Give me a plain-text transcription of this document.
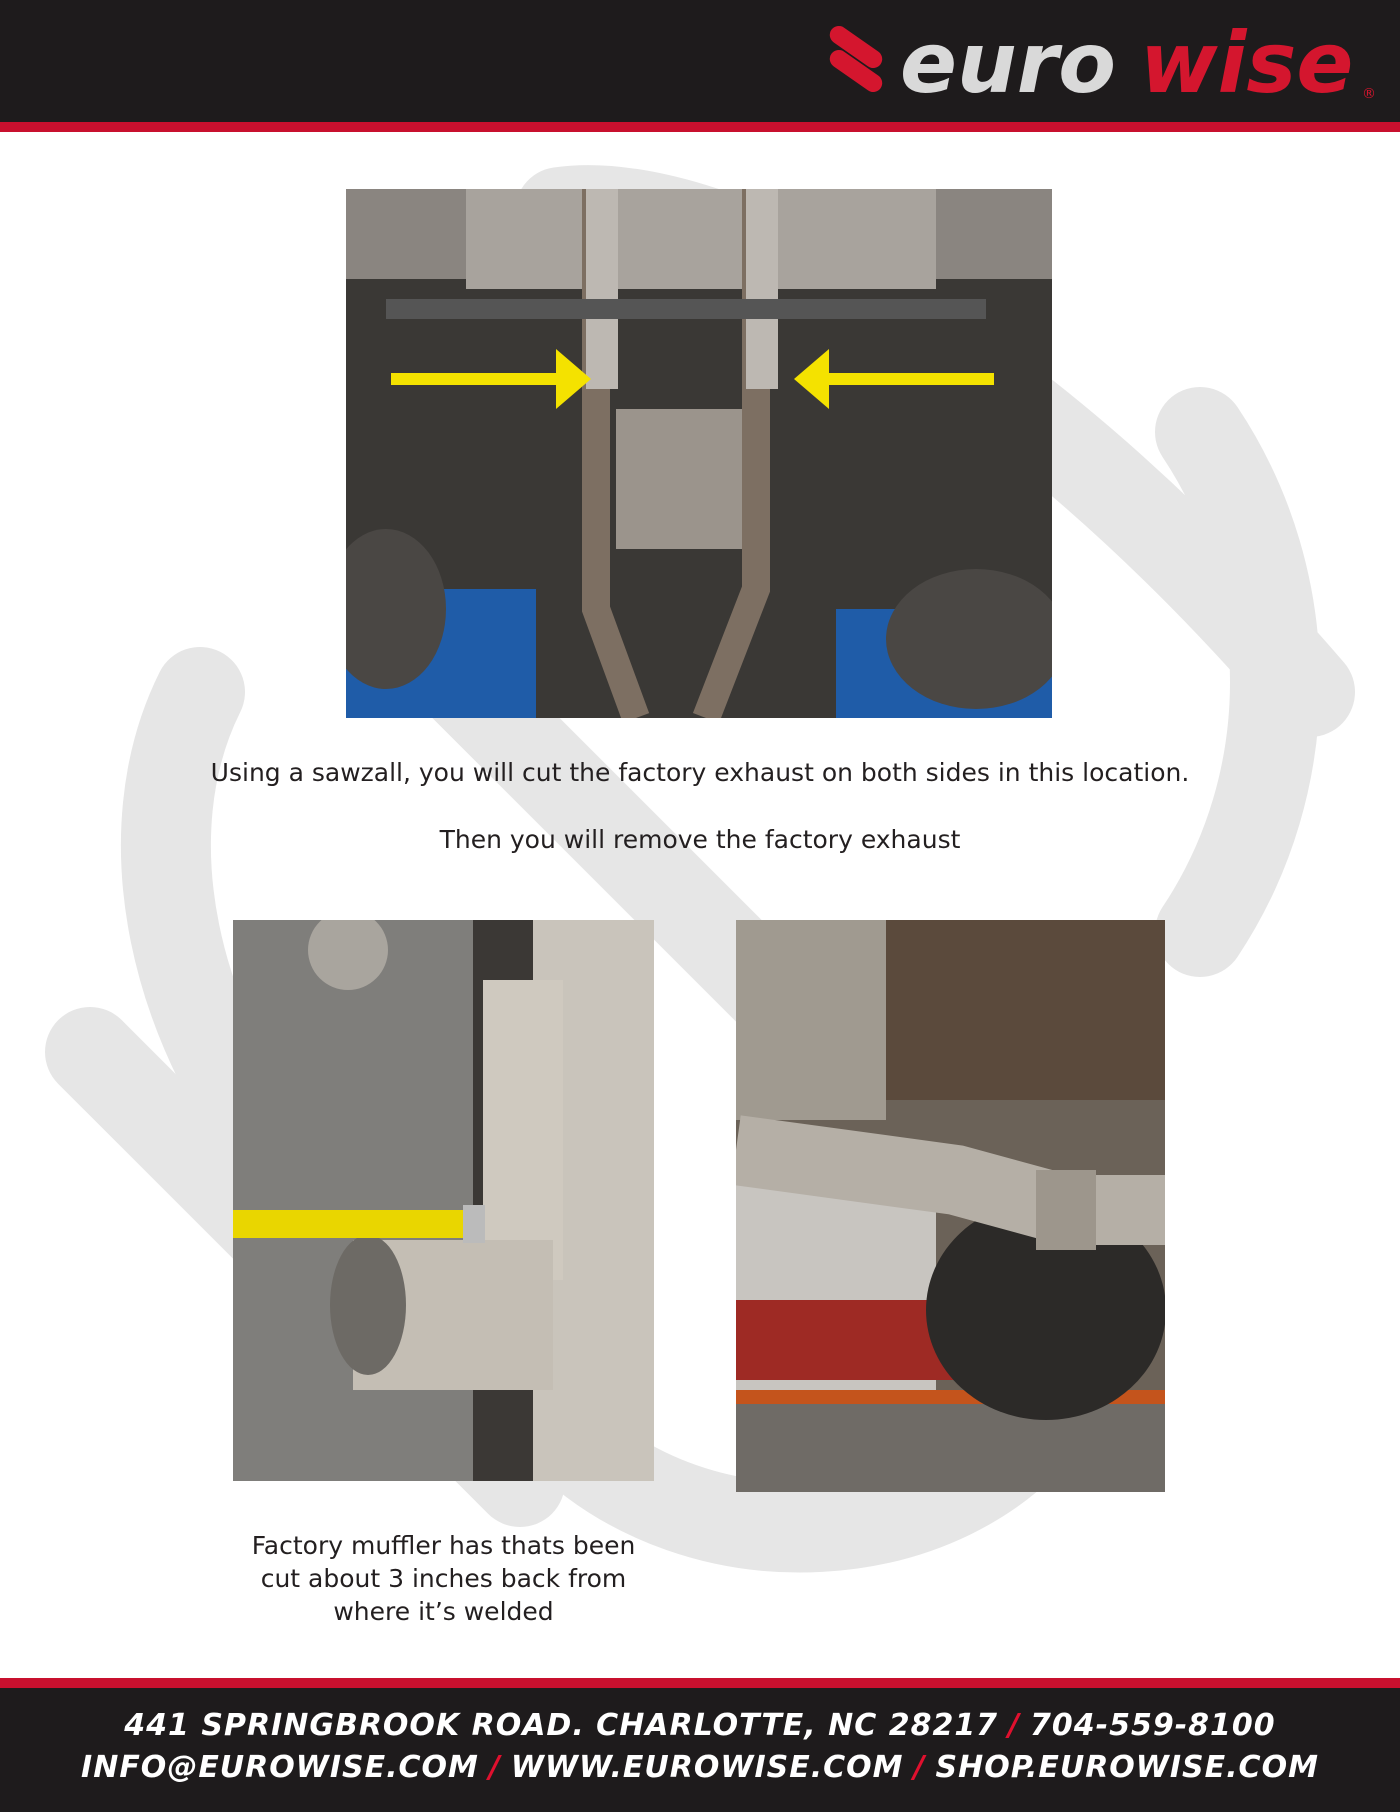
euro wise ®
Using a sawzall, you will cut the factory exhaust on both sides in this location.
Then you will remove the factory exhaust
Factory muffler has thats been cut about 3 inches back from where it’s welded
441 SPRINGBROOK ROAD. CHARLOTTE, NC 28217 / 704-559-8100
INFO@EUROWISE.COM / WWW.EUROWISE.COM / SHOP.EUROWISE.COM
